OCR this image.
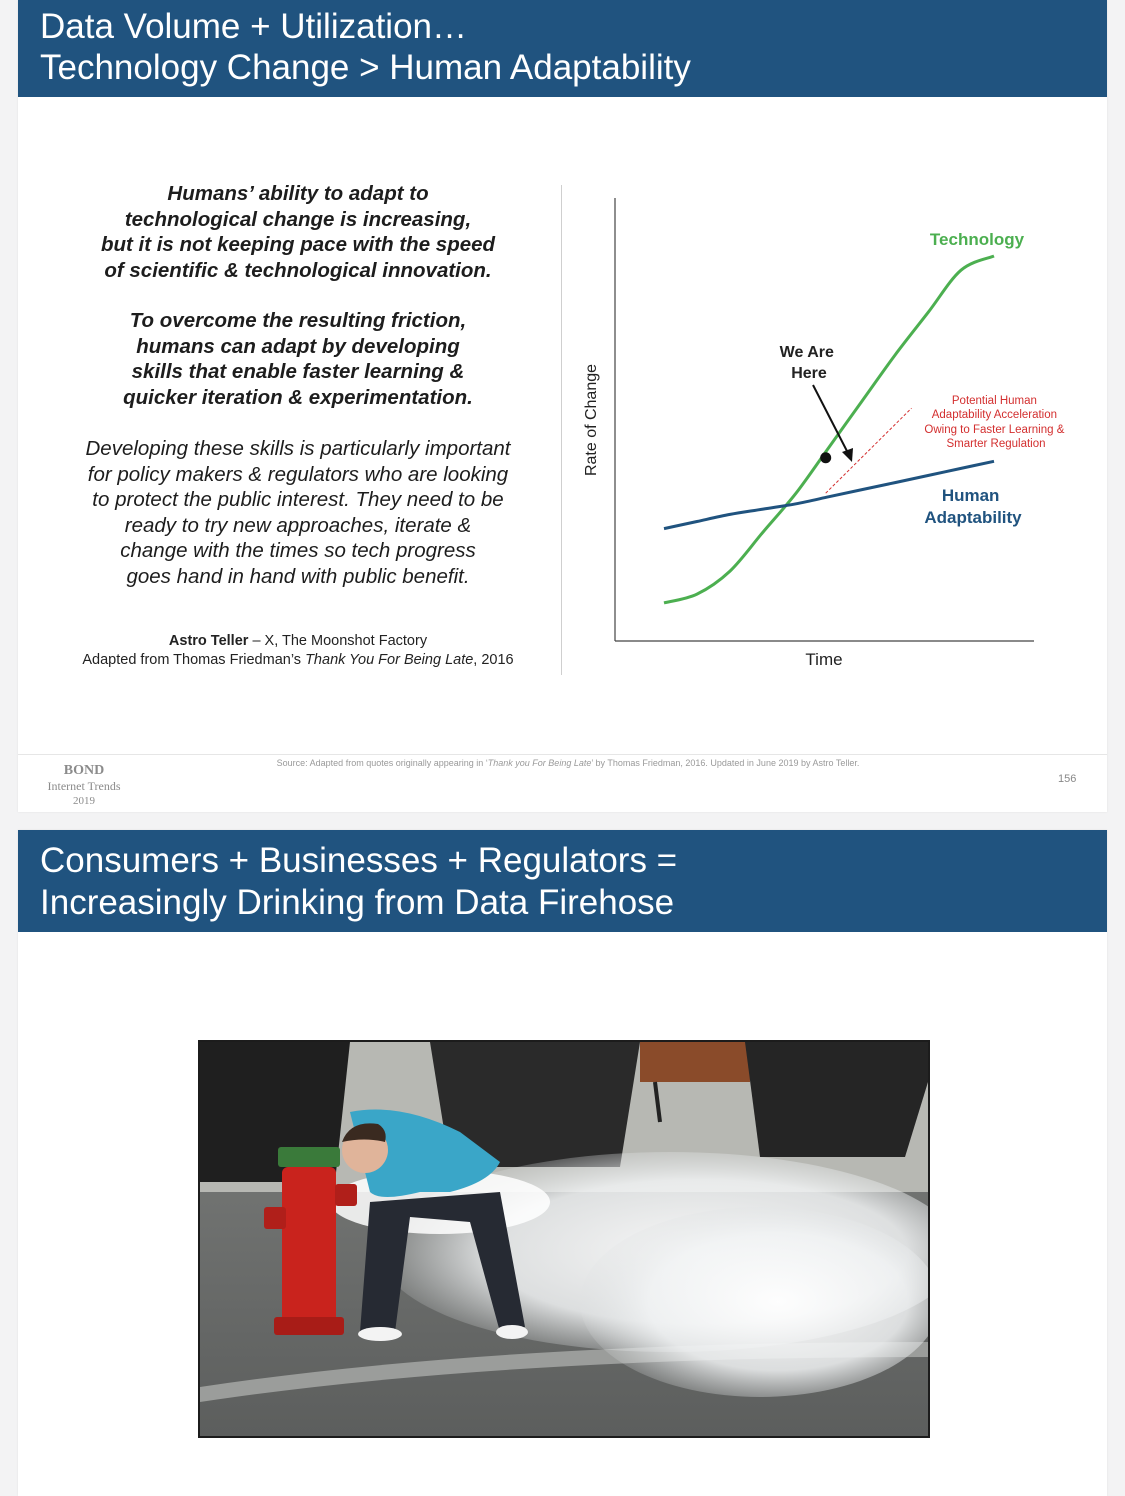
Data Volume + Utilization…
Technology Change > Human Adaptability

Humans’ ability to adapt to

technological change is increasing,

but it is not keeping pace with the speed

of scientific & technological innovation.

To overcome the resulting friction,

humans can adapt by developing

skills that enable faster learning &

quicker iteration & experimentation.

Developing these skills is particularly important

for policy makers & regulators who are looking

to protect the public interest. They need to be

ready to try new approaches, iterate &

change with the times so tech progress

goes hand in hand with public benefit.

Astro Teller – X, The Moonshot Factory
Adapted from Thomas Friedman’s Thank You For Being Late, 2016
Rate of Change
Time
We Are Here
Technology
Potential Human Adaptability Acceleration Owing to Faster Learning & Smarter Regulation
Human Adaptability
BOND
Internet Trends
2019
Source: Adapted from quotes originally appearing in ‘Thank you For Being Late’ by Thomas Friedman, 2016. Updated in June 2019 by Astro Teller.
156
Consumers + Businesses + Regulators =
Increasingly Drinking from Data Firehose
